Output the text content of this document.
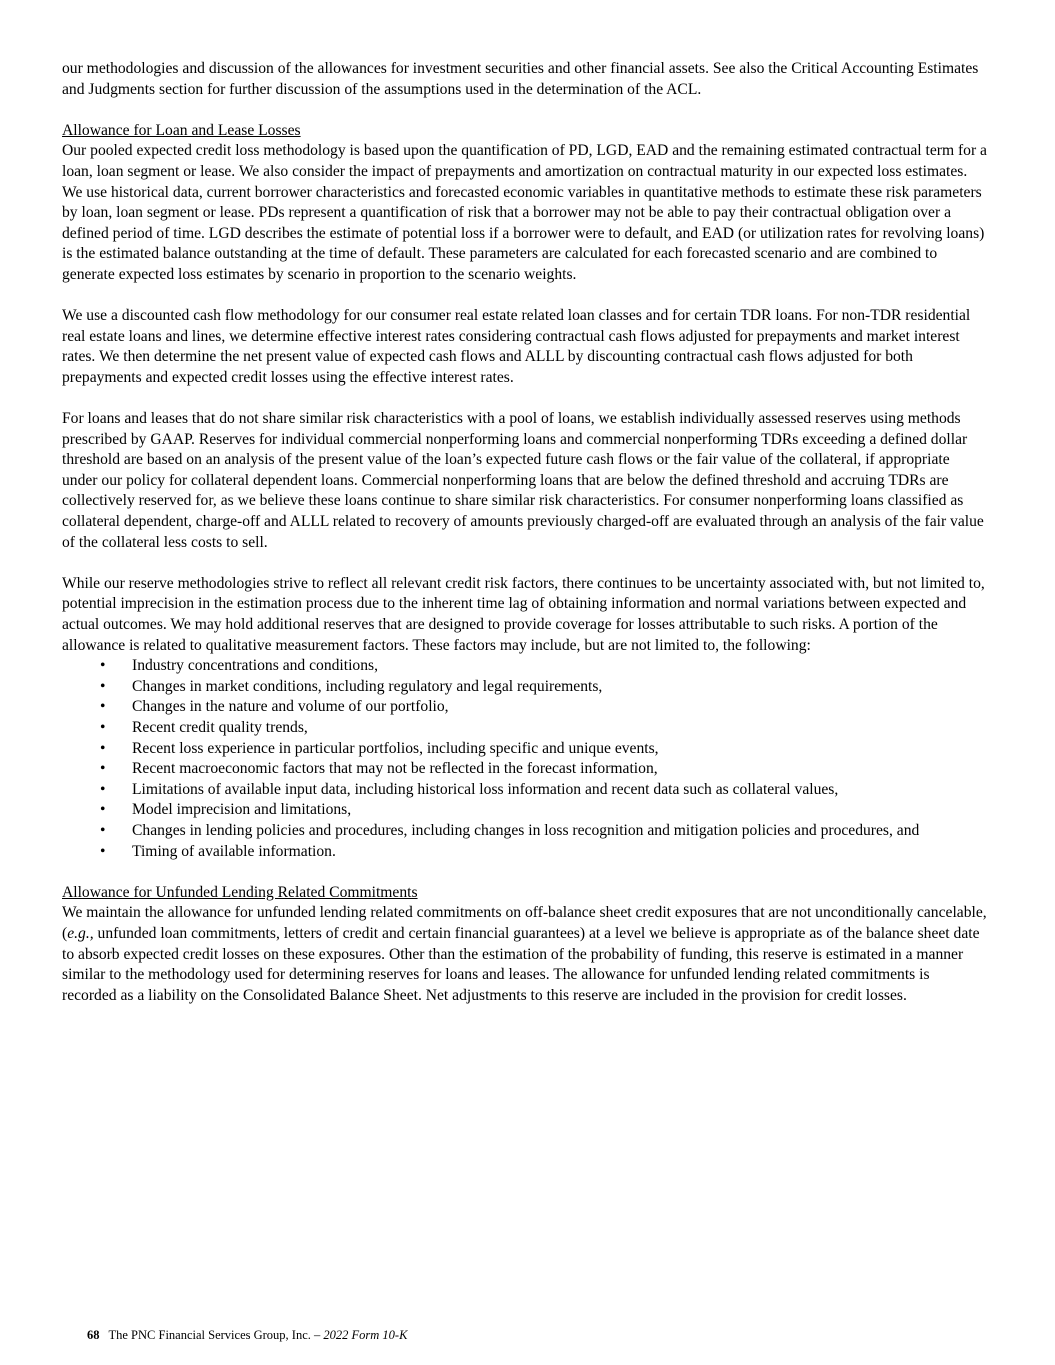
our methodologies and discussion of the allowances for investment securities and other financial assets. See also the Critical Accounting Estimates and Judgments section for further discussion of the assumptions used in the determination of the ACL.

Allowance for Loan and Lease Losses

Our pooled expected credit loss methodology is based upon the quantification of PD, LGD, EAD and the remaining estimated contractual term for a loan, loan segment or lease. We also consider the impact of prepayments and amortization on contractual maturity in our expected loss estimates. We use historical data, current borrower characteristics and forecasted economic variables in quantitative methods to estimate these risk parameters by loan, loan segment or lease. PDs represent a quantification of risk that a borrower may not be able to pay their contractual obligation over a defined period of time. LGD describes the estimate of potential loss if a borrower were to default, and EAD (or utilization rates for revolving loans) is the estimated balance outstanding at the time of default. These parameters are calculated for each forecasted scenario and are combined to generate expected loss estimates by scenario in proportion to the scenario weights.

We use a discounted cash flow methodology for our consumer real estate related loan classes and for certain TDR loans. For non-TDR residential real estate loans and lines, we determine effective interest rates considering contractual cash flows adjusted for prepayments and market interest rates. We then determine the net present value of expected cash flows and ALLL by discounting contractual cash flows adjusted for both prepayments and expected credit losses using the effective interest rates.

For loans and leases that do not share similar risk characteristics with a pool of loans, we establish individually assessed reserves using methods prescribed by GAAP. Reserves for individual commercial nonperforming loans and commercial nonperforming TDRs exceeding a defined dollar threshold are based on an analysis of the present value of the loan’s expected future cash flows or the fair value of the collateral, if appropriate under our policy for collateral dependent loans. Commercial nonperforming loans that are below the defined threshold and accruing TDRs are collectively reserved for, as we believe these loans continue to share similar risk characteristics. For consumer nonperforming loans classified as collateral dependent, charge-off and ALLL related to recovery of amounts previously charged-off are evaluated through an analysis of the fair value of the collateral less costs to sell.

While our reserve methodologies strive to reflect all relevant credit risk factors, there continues to be uncertainty associated with, but not limited to, potential imprecision in the estimation process due to the inherent time lag of obtaining information and normal variations between expected and actual outcomes. We may hold additional reserves that are designed to provide coverage for losses attributable to such risks. A portion of the allowance is related to qualitative measurement factors. These factors may include, but are not limited to, the following:

• Industry concentrations and conditions,
• Changes in market conditions, including regulatory and legal requirements,
• Changes in the nature and volume of our portfolio,
• Recent credit quality trends,
• Recent loss experience in particular portfolios, including specific and unique events,
• Recent macroeconomic factors that may not be reflected in the forecast information,
• Limitations of available input data, including historical loss information and recent data such as collateral values,
• Model imprecision and limitations,
• Changes in lending policies and procedures, including changes in loss recognition and mitigation policies and procedures, and
• Timing of available information.
Allowance for Unfunded Lending Related Commitments

We maintain the allowance for unfunded lending related commitments on off-balance sheet credit exposures that are not unconditionally cancelable, (e.g., unfunded loan commitments, letters of credit and certain financial guarantees) at a level we believe is appropriate as of the balance sheet date to absorb expected credit losses on these exposures. Other than the estimation of the probability of funding, this reserve is estimated in a manner similar to the methodology used for determining reserves for loans and leases. The allowance for unfunded lending related commitments is recorded as a liability on the Consolidated Balance Sheet. Net adjustments to this reserve are included in the provision for credit losses.

68 The PNC Financial Services Group, Inc. – 2022 Form 10-K
